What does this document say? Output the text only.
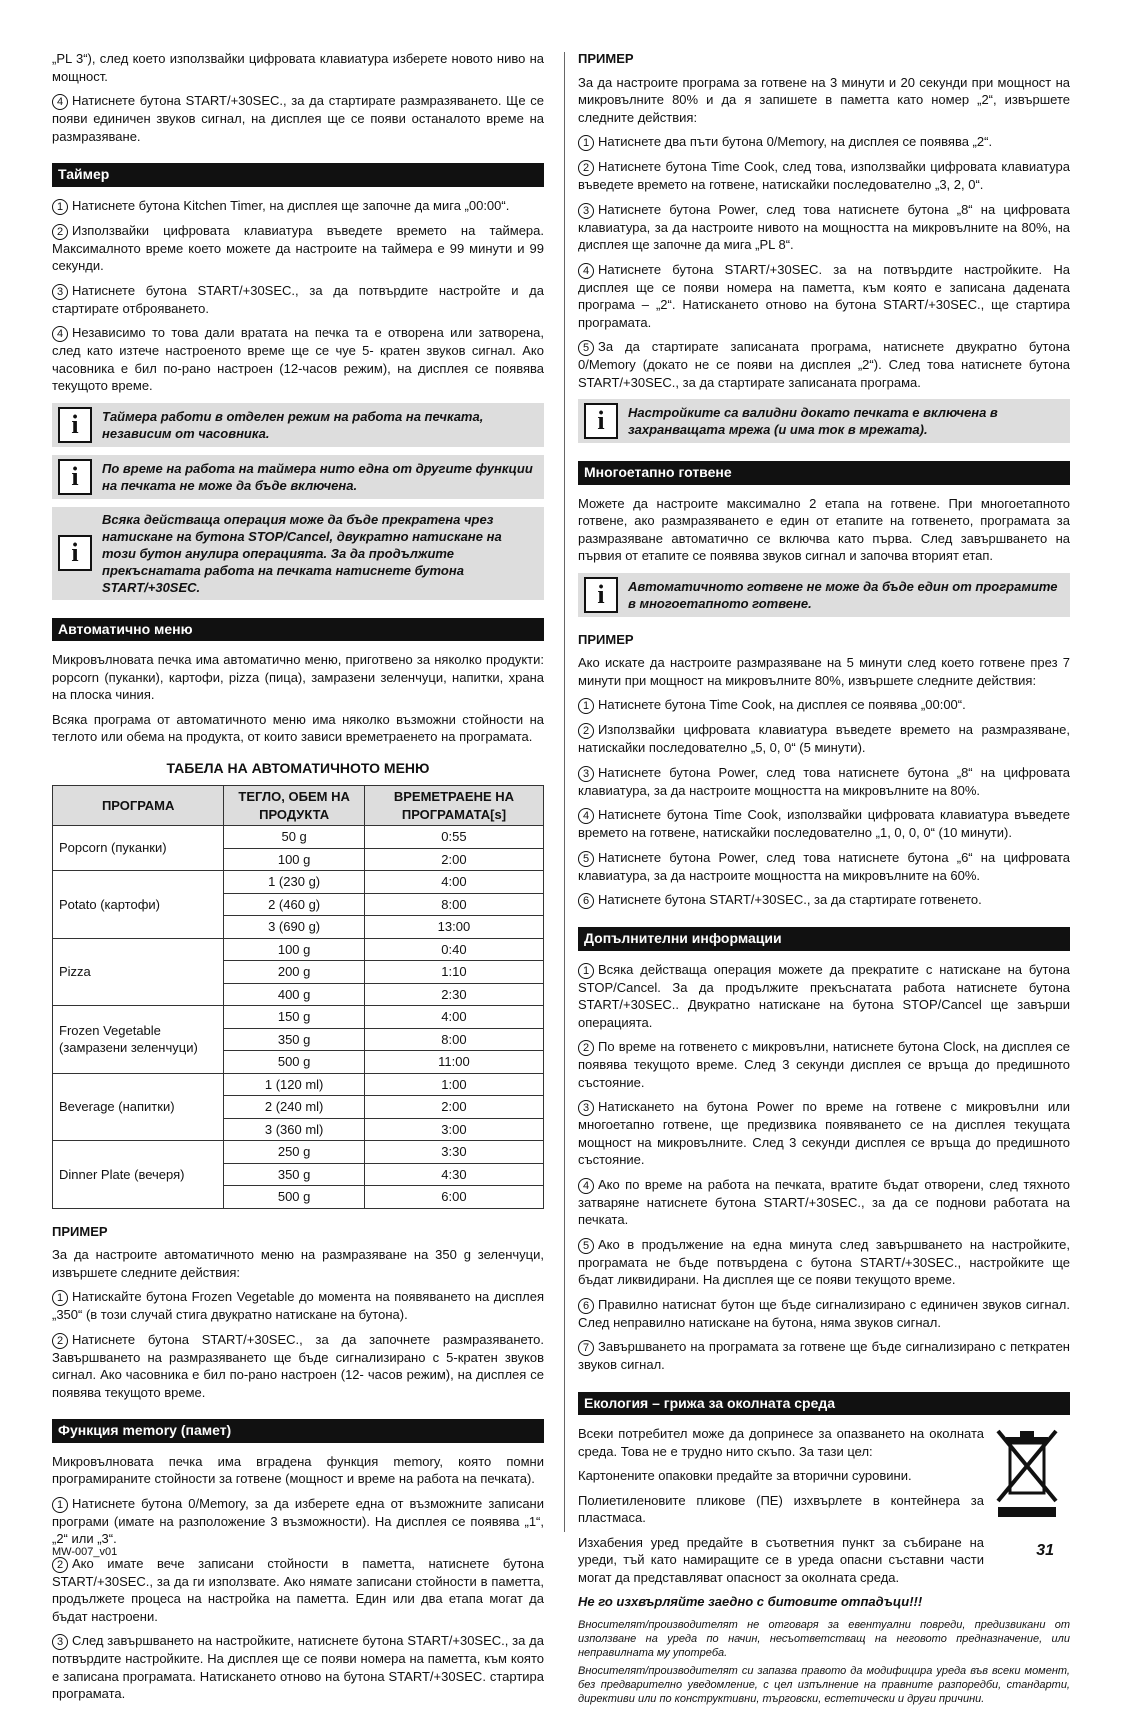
„PL 3“), след което използвайки цифровата клавиатура изберете новото ниво на мощност.

4 Натиснете бутона START/+30SEC., за да стартирате размразяването. Ще се появи единичен звуков сигнал, на дисплея ще се появи останалото време на размразяване.

Таймер

1 Натиснете бутона Kitchen Timer, на дисплея ще започне да мига „00:00“.

2 Използвайки цифровата клавиатура въведете времето на таймера. Максималното време което можете да настроите на таймера е 99 минути и 99 секунди.

3 Натиснете бутона START/+30SEC., за да потвърдите настройте и да стартирате отброяването.

4 Независимо то това дали вратата на печка та е отворена или затворена, след като изтече настроеното време ще се чуе 5- кратен звуков сигнал. Ако часовника е бил по-рано настроен (12-часов режим), на дисплея се появява текущото време.

i	Таймера работи в отделен режим на работа на печката, независим от часовника.
i	По време на работа на таймера нито една от другите функции на печката не може да бъде включена.
i
Всяка действаща операция може да бъде прекратена чрез натискане на бутона STOP/Cancel, двукратно натискане на този бутон анулира операцията. За да продължите прекъснатата работа на печката натиснете бутона START/+30SEC.
Автоматично меню

Микровълновата печка има автоматично меню, приготвено за няколко продукти: popcorn (пуканки), картофи, pizza (пица), замразени зеленчуци, напитки, храна на плоска чиния.

Всяка програма от автоматичното меню има няколко възможни стойности на теглото или обема на продукта, от които зависи времетраенето на програмата.

ТАБЕЛА НА АВТОМАТИЧНОТО МЕНЮ
ПРОГРАМА	ТЕГЛО, ОБЕМ НА ПРОДУКТА	ВРЕМЕТРАЕНЕ НА ПРОГРАМАТА[s]
Popcorn (пуканки)	50 g	0:55
	100 g	2:00
Potato (картофи)	1 (230 g)	4:00
	2 (460 g)	8:00
	3 (690 g)	13:00
Pizza	100 g	0:40
	200 g	1:10
	400 g	2:30
Frozen Vegetable (замразени зеленчуци)	150 g	4:00
	350 g	8:00
	500 g	11:00
Beverage (напитки)	1 (120 ml)	1:00
	2 (240 ml)	2:00
	3 (360 ml)	3:00
Dinner Plate (вечеря)	250 g	3:30
	350 g	4:30
	500 g	6:00
ПРИМЕР

За да настроите автоматичното меню на размразяване на 350 g зеленчуци, извършете следните действия:

1 Натискайте бутона Frozen Vegetable до момента на появяването на дисплея „350“ (в този случай стига двукратно натискане на бутона).

2 Натиснете бутона START/+30SEC., за да започнете размразяването. Завършването на размразяването ще бъде сигнализирано с 5-кратен звуков сигнал. Ако часовника е бил по-рано настроен (12- часов режим), на дисплея се появява текущото време.

Функция memory (памет)

Микровълновата печка има вградена функция memory, която помни програмираните стойности за готвене (мощност и време на работа на печката).

1 Натиснете бутона 0/Memory, за да изберете една от възможните записани програми (имате на разположение 3 възможности). На дисплея се появява „1“, „2“ или „3“.

2 Ако имате вече записани стойности в паметта, натиснете бутона START/+30SEC., за да ги използвате. Ако нямате записани стойности в паметта, продължете процеса на настройка на паметта. Един или два етапа могат да бъдат настроени.

3 След завършването на настройките, натиснете бутона START/+30SEC., за да потвърдите настройките. На дисплея ще се появи номера на паметта, към която е записана програмата. Натискането отново на бутона START/+30SEC. стартира програмата.

ПРИМЕР

За да настроите програма за готвене на 3 минути и 20 секунди при мощност на микровълните 80% и да я запишете в паметта като номер „2“, извършете следните действия:

1 Натиснете два пъти бутона 0/Memory, на дисплея се появява „2“.

2 Натиснете бутона Time Cook, след това, използвайки цифровата клавиатура въведете времето на готвене, натискайки последователно „3, 2, 0“.

3 Натиснете бутона Power, след това натиснете бутона „8“ на цифровата клавиатура, за да настроите нивото на мощността на микровълните на 80%, на дисплея ще започне да мига „PL 8“.

4 Натиснете бутона START/+30SEC. за на потвърдите настройките. На дисплея ще се появи номера на паметта, към която е записана дадената програма – „2“. Натискането отново на бутона START/+30SEC., ще стартира програмата.

5 За да стартирате записаната програма, натиснете двукратно бутона 0/Memory (докато не се появи на дисплея „2“). След това натиснете бутона START/+30SEC., за да стартирате записаната програма.

i	Настройките са валидни докато печката е включена в захранващата мрежа (и има ток в мрежата).
Многоетапно готвене

Можете да настроите максимално 2 етапа на готвене. При многоетапното готвене, ако размразяването е един от етапите на готвенето, програмата за размразяване автоматично се включва като първа. След завършването на първия от етапите се появява звуков сигнал и започва вторият етап.

i	Автоматичното готвене не може да бъде един от програмите в многоетапното готвене.
ПРИМЕР

Ако искате да настроите размразяване на 5 минути след което готвене през 7 минути при мощност на микровълните 80%, извършете следните действия:

1 Натиснете бутона Time Cook, на дисплея се появява „00:00“.

2 Използвайки цифровата клавиатура въведете времето на размразяване, натискайки последователно „5, 0, 0“ (5 минути).

3 Натиснете бутона Power, след това натиснете бутона „8“ на цифровата клавиатура, за да настроите мощността на микровълните на 80%.

4 Натиснете бутона Time Cook, използвайки цифровата клавиатура въведете времето на готвене, натискайки последователно „1, 0, 0, 0“ (10 минути).

5 Натиснете бутона Power, след това натиснете бутона „6“ на цифровата клавиатура, за да настроите мощността на микровълните на 60%.

6 Натиснете бутона START/+30SEC., за да стартирате готвенето.

Допълнителни информации

1 Всяка действаща операция можете да прекратите с натискане на бутона STOP/Cancel. За да продължите прекъснатата работа натиснете бутона START/+30SEC.. Двукратно натискане на бутона STOP/Cancel ще завърши операцията.

2 По време на готвенето с микровълни, натиснете бутона Clock, на дисплея се появява текущото време. След 3 секунди дисплея се връща до предишното състояние.

3 Натискането на бутона Power по време на готвене с микровълни или многоетапно готвене, ще предизвика появяването се на дисплея текущата мощност на микровълните. След 3 секунди дисплея се връща до предишното състояние.

4 Ако по време на работа на печката, вратите бъдат отворени, след тяхното затваряне натиснете бутона START/+30SEC., за да се поднови работата на печката.

5 Ако в продължение на една минута след завършването на настройките, програмата не бъде потвърдена с бутона START/+30SEC., настройките ще бъдат ликвидирани. На дисплея ще се появи текущото време.

6 Правилно натиснат бутон ще бъде сигнализирано с единичен звуков сигнал. След неправилно натискане на бутона, няма звуков сигнал.

7 Завършването на програмата за готвене ще бъде сигнализирано с петкратен звуков сигнал.

Екология – грижа за околната среда

Всеки потребител може да допринесе за опазването на околната среда. Това не е трудно нито скъпо. За тази цел:

Картонените опаковки предайте за вторични суровини.

Полиетиленовите пликове (ПЕ) изхвърлете в контейнера за пластмаса.

Изхабения уред предайте в съответния пункт за събиране на уреди, тъй като намиращите се в уреда опасни съставни части могат да представляват опасност за околната среда.

Не го изхвърляйте заедно с битовите отпадъци!!!

Вносителят/производителят не отговаря за евентуални повреди, предизвикани от използване на уреда по начин, несъответстващ на неговото предназначение, или неправилната му употреба.

Вносителят/производителят си запазва правото да модифицира уреда във всеки момент, без предварително уведомление, с цел изпълнение на правните разпоредби, стандарти, директиви или по конструктивни, търговски, естетически и други причини.

MW-007_v01	31
